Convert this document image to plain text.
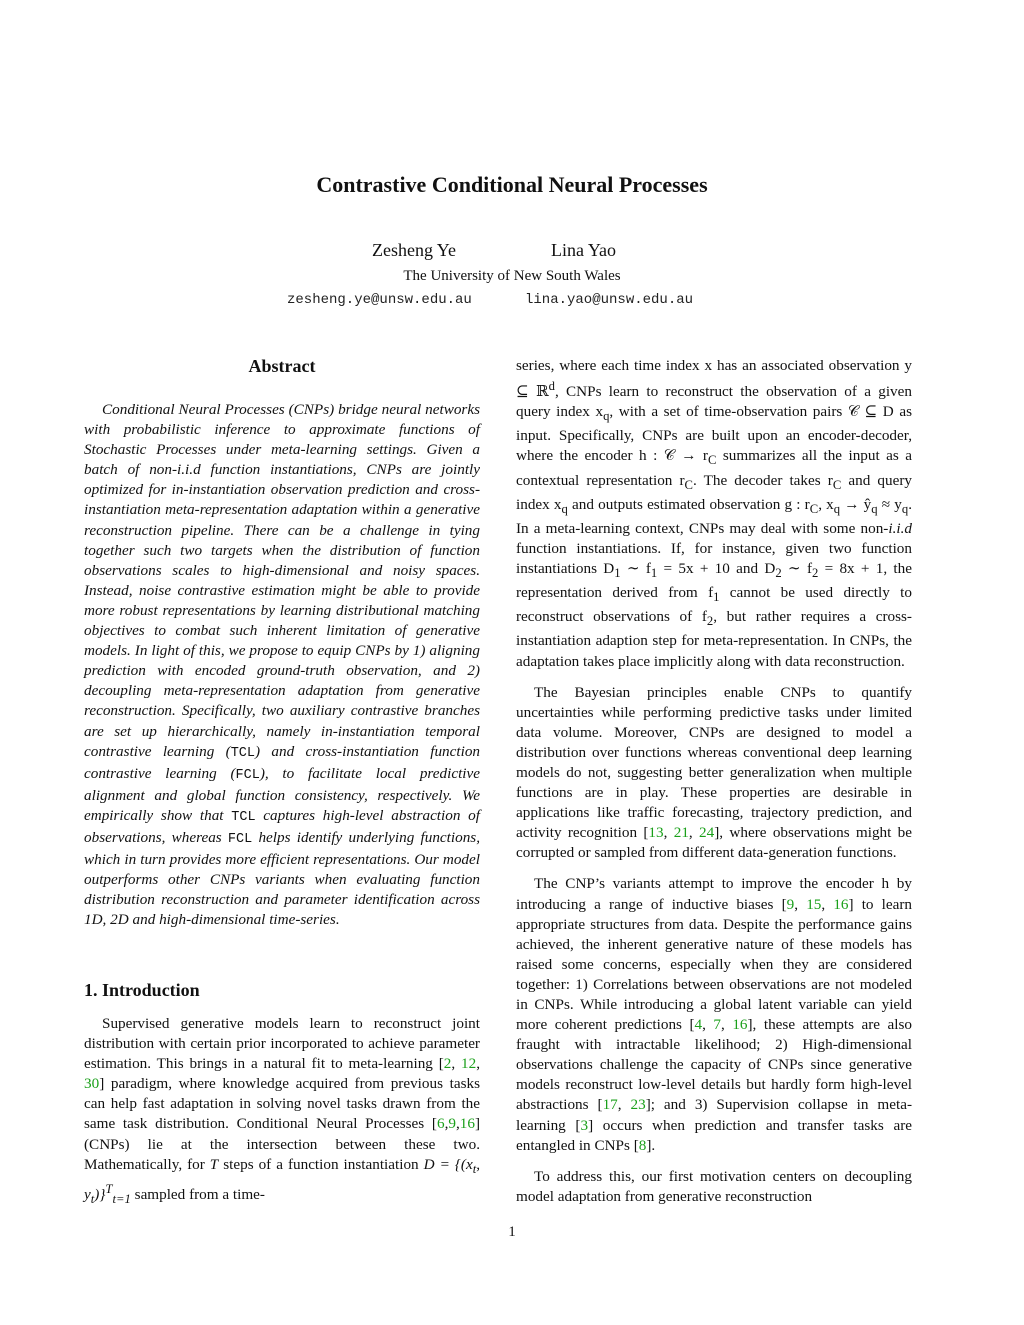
Contrastive Conditional Neural Processes
Zesheng Ye	Lina Yao
The University of New South Wales
zesheng.ye@unsw.edu.au	lina.yao@unsw.edu.au
Abstract

Conditional Neural Processes (CNPs) bridge neural networks with probabilistic inference to approximate functions of Stochastic Processes under meta-learning settings. Given a batch of non-i.i.d function instantiations, CNPs are jointly optimized for in-instantiation observation prediction and cross-instantiation meta-representation adaptation within a generative reconstruction pipeline. There can be a challenge in tying together such two targets when the distribution of function observations scales to high-dimensional and noisy spaces. Instead, noise contrastive estimation might be able to provide more robust representations by learning distributional matching objectives to combat such inherent limitation of generative models. In light of this, we propose to equip CNPs by 1) aligning prediction with encoded ground-truth observation, and 2) decoupling meta-representation adaptation from generative reconstruction. Specifically, two auxiliary contrastive branches are set up hierarchically, namely in-instantiation temporal contrastive learning (TCL) and cross-instantiation function contrastive learning (FCL), to facilitate local predictive alignment and global function consistency, respectively. We empirically show that TCL captures high-level abstraction of observations, whereas FCL helps identify underlying functions, which in turn provides more efficient representations. Our model outperforms other CNPs variants when evaluating function distribution reconstruction and parameter identification across 1D, 2D and high-dimensional time-series.

1. Introduction

Supervised generative models learn to reconstruct joint distribution with certain prior incorporated to achieve parameter estimation. This brings in a natural fit to meta-learning [2, 12, 30] paradigm, where knowledge acquired from previous tasks can help fast adaptation in solving novel tasks drawn from the same task distribution. Conditional Neural Processes [6,9,16] (CNPs) lie at the intersection between these two. Mathematically, for T steps of a function instantiation $D = \{(x_t$, $y_t)\}^T_{t=1}$ sampled from a time-

series, where each time index x has an associated observation y ⊆ ℝ$^d$, CNPs learn to reconstruct the observation of a given query index $x_q$, with a set of time-observation pairs 𝒞 ⊆ D as input. Specifically, CNPs are built upon an encoder-decoder, where the encoder h : 𝒞 → $r_C$ summarizes all the input as a contextual representation $r_C$. The decoder takes $r_C$ and query index $x_q$ and outputs estimated observation g : $r_C$, $x_q$ → $ŷ_q \approx y_q$. In a meta-learning context, CNPs may deal with some non-i.i.d function instantiations. If, for instance, given two function instantiations $D_1$ ∼ $f_1 = 5x + 10$ and $D_2$ ∼ $f_2 = 8x + 1$, the representation derived from $f_1$ cannot be used directly to reconstruct observations of $f_2$, but rather requires a cross-instantiation adaption step for meta-representation. In CNPs, the adaptation takes place implicitly along with data reconstruction.

The Bayesian principles enable CNPs to quantify uncertainties while performing predictive tasks under limited data volume. Moreover, CNPs are designed to model a distribution over functions whereas conventional deep learning models do not, suggesting better generalization when multiple functions are in play. These properties are desirable in applications like traffic forecasting, trajectory prediction, and activity recognition [13, 21, 24], where observations might be corrupted or sampled from different data-generation functions.

The CNP’s variants attempt to improve the encoder h by introducing a range of inductive biases [9, 15, 16] to learn appropriate structures from data. Despite the performance gains achieved, the inherent generative nature of these models has raised some concerns, especially when they are considered together: 1) Correlations between observations are not modeled in CNPs. While introducing a global latent variable can yield more coherent predictions [4, 7, 16], these attempts are also fraught with intractable likelihood; 2) High-dimensional observations challenge the capacity of CNPs since generative models reconstruct low-level details but hardly form high-level abstractions [17, 23]; and 3) Supervision collapse in meta-learning [3] occurs when prediction and transfer tasks are entangled in CNPs [8].

To address this, our first motivation centers on decoupling model adaptation from generative reconstruction

1
